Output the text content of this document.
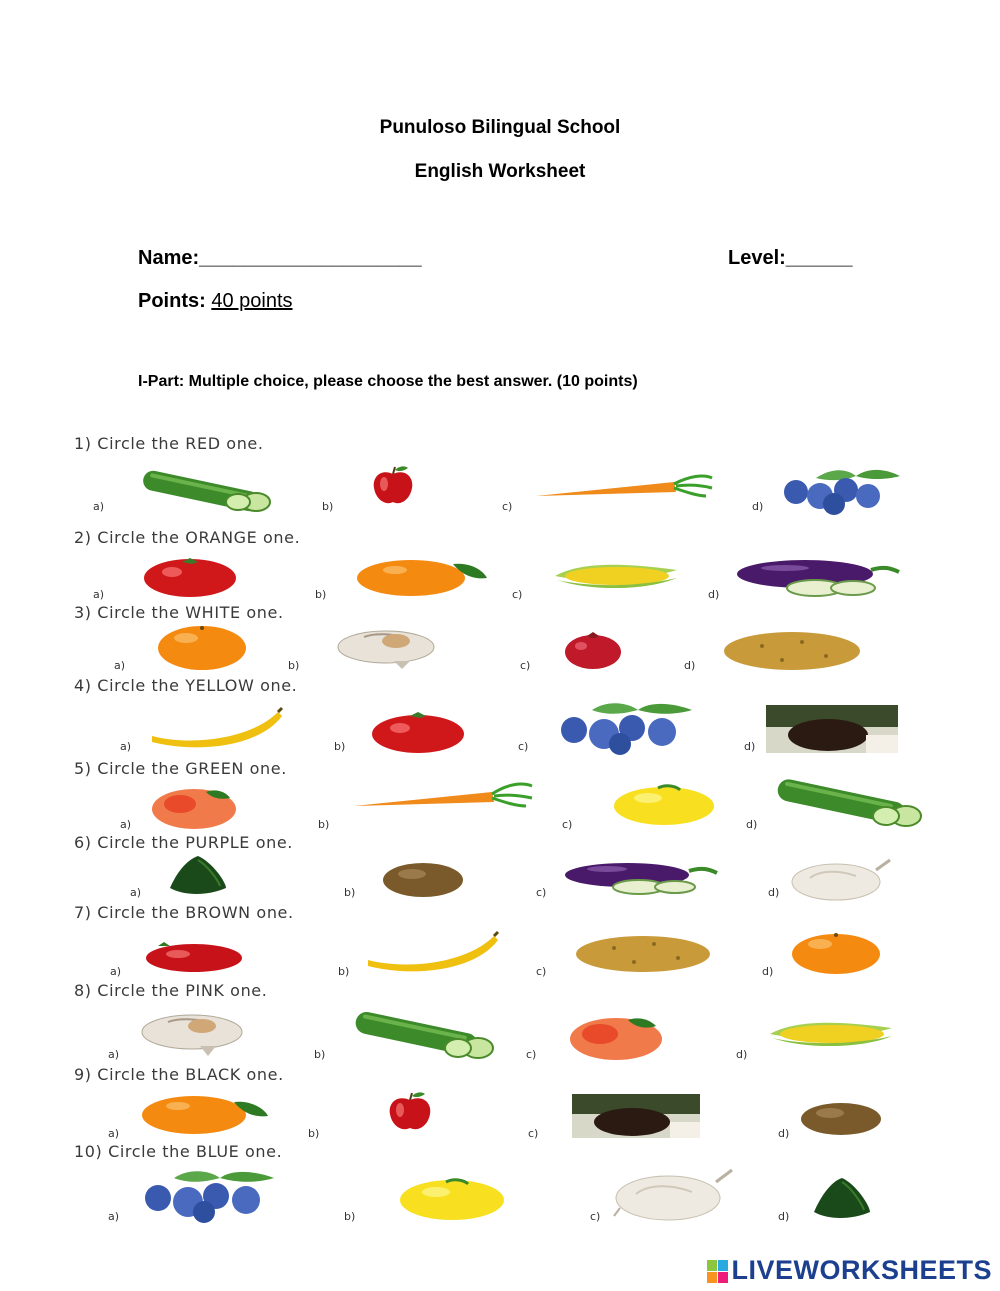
Punuloso Bilingual School
English Worksheet
Name:____________________	Level:______
Points: 40 points
I-Part: Multiple choice, please choose the best answer. (10 points)
1) Circle the RED one.
2) Circle the ORANGE one.
3) Circle the WHITE one.
4) Circle the YELLOW one.
5) Circle the GREEN one.
6) Circle the PURPLE one.
7) Circle the BROWN one.
8) Circle the PINK one.
9) Circle the BLACK one.
10) Circle the BLUE one.
a)	b)	c)	d)
a)	b)	c)	d)
a)	b)	c)	d)
a)	b)	c)	d)
a)	b)	c)	d)
a)	b)	c)	d)
a)	b)	c)	d)
a)	b)	c)	d)
a)	b)	c)	d)
a)	b)	c)	d)
LIVEWORKSHEETS
